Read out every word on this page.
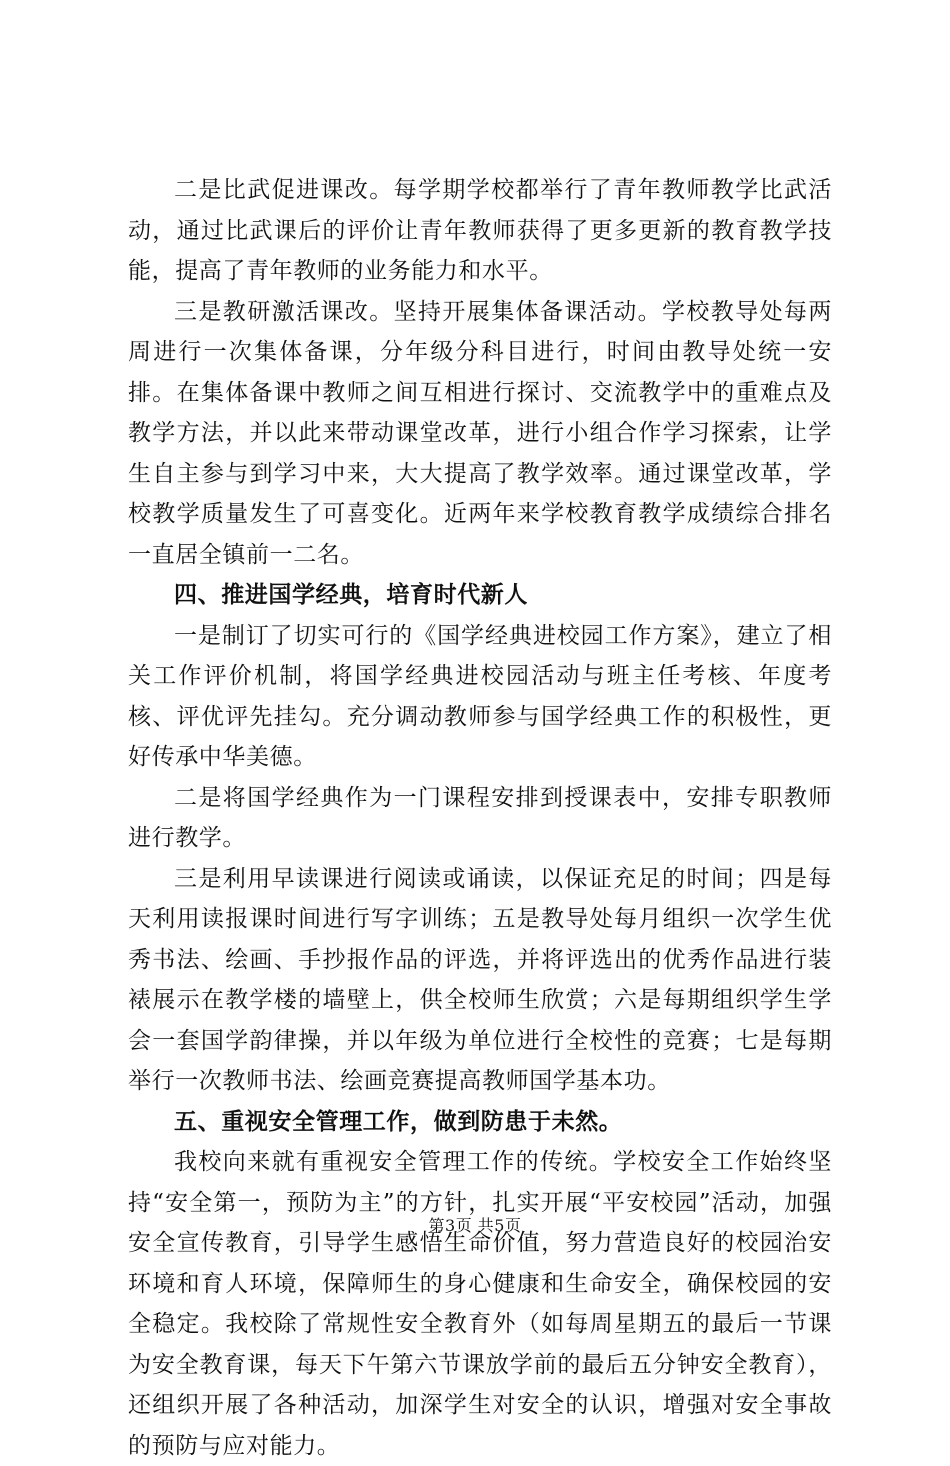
二是比武促进课改。每学期学校都举行了青年教师教学比武活动，通过比武课后的评价让青年教师获得了更多更新的教育教学技能，提高了青年教师的业务能力和水平。

三是教研激活课改。坚持开展集体备课活动。学校教导处每两周进行一次集体备课，分年级分科目进行，时间由教导处统一安排。在集体备课中教师之间互相进行探讨、交流教学中的重难点及教学方法，并以此来带动课堂改革，进行小组合作学习探索，让学生自主参与到学习中来，大大提高了教学效率。通过课堂改革，学校教学质量发生了可喜变化。近两年来学校教育教学成绩综合排名一直居全镇前一二名。

四、推进国学经典，培育时代新人

一是制订了切实可行的《国学经典进校园工作方案》，建立了相关工作评价机制，将国学经典进校园活动与班主任考核、年度考核、评优评先挂勾。充分调动教师参与国学经典工作的积极性，更好传承中华美德。

二是将国学经典作为一门课程安排到授课表中，安排专职教师进行教学。

三是利用早读课进行阅读或诵读，以保证充足的时间；四是每天利用读报课时间进行写字训练；五是教导处每月组织一次学生优秀书法、绘画、手抄报作品的评选，并将评选出的优秀作品进行装裱展示在教学楼的墙壁上，供全校师生欣赏；六是每期组织学生学会一套国学韵律操，并以年级为单位进行全校性的竞赛；七是每期举行一次教师书法、绘画竞赛提高教师国学基本功。

五、重视安全管理工作，做到防患于未然。

我校向来就有重视安全管理工作的传统。学校安全工作始终坚持“安全第一，预防为主”的方针，扎实开展“平安校园”活动，加强安全宣传教育，引导学生感悟生命价值，努力营造良好的校园治安环境和育人环境，保障师生的身心健康和生命安全，确保校园的安全稳定。我校除了常规性安全教育外（如每周星期五的最后一节课为安全教育课，每天下午第六节课放学前的最后五分钟安全教育），还组织开展了各种活动，加深学生对安全的认识，增强对安全事故的预防与应对能力。

第3页 共5页
